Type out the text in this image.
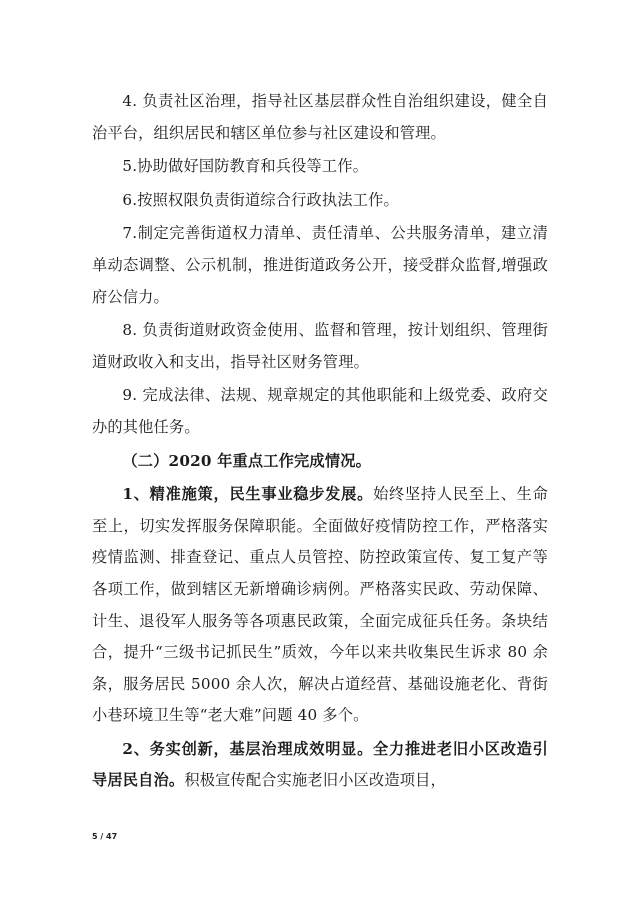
4. 负责社区治理，指导社区基层群众性自治组织建设，健全自治平台，组织居民和辖区单位参与社区建设和管理。

5.协助做好国防教育和兵役等工作。

6.按照权限负责街道综合行政执法工作。

7.制定完善街道权力清单、责任清单、公共服务清单，建立清单动态调整、公示机制，推进街道政务公开，接受群众监督,增强政府公信力。

8. 负责街道财政资金使用、监督和管理，按计划组织、管理街道财政收入和支出，指导社区财务管理。

9. 完成法律、法规、规章规定的其他职能和上级党委、政府交办的其他任务。

（二）2020 年重点工作完成情况。

1、精准施策，民生事业稳步发展。始终坚持人民至上、生命至上，切实发挥服务保障职能。全面做好疫情防控工作，严格落实疫情监测、排查登记、重点人员管控、防控政策宣传、复工复产等各项工作，做到辖区无新增确诊病例。严格落实民政、劳动保障、计生、退役军人服务等各项惠民政策，全面完成征兵任务。条块结合，提升“三级书记抓民生”质效，今年以来共收集民生诉求 80 余条，服务居民 5000 余人次，解决占道经营、基础设施老化、背街小巷环境卫生等“老大难”问题 40 多个。

2、务实创新，基层治理成效明显。全力推进老旧小区改造引导居民自治。积极宣传配合实施老旧小区改造项目，

5 / 47
